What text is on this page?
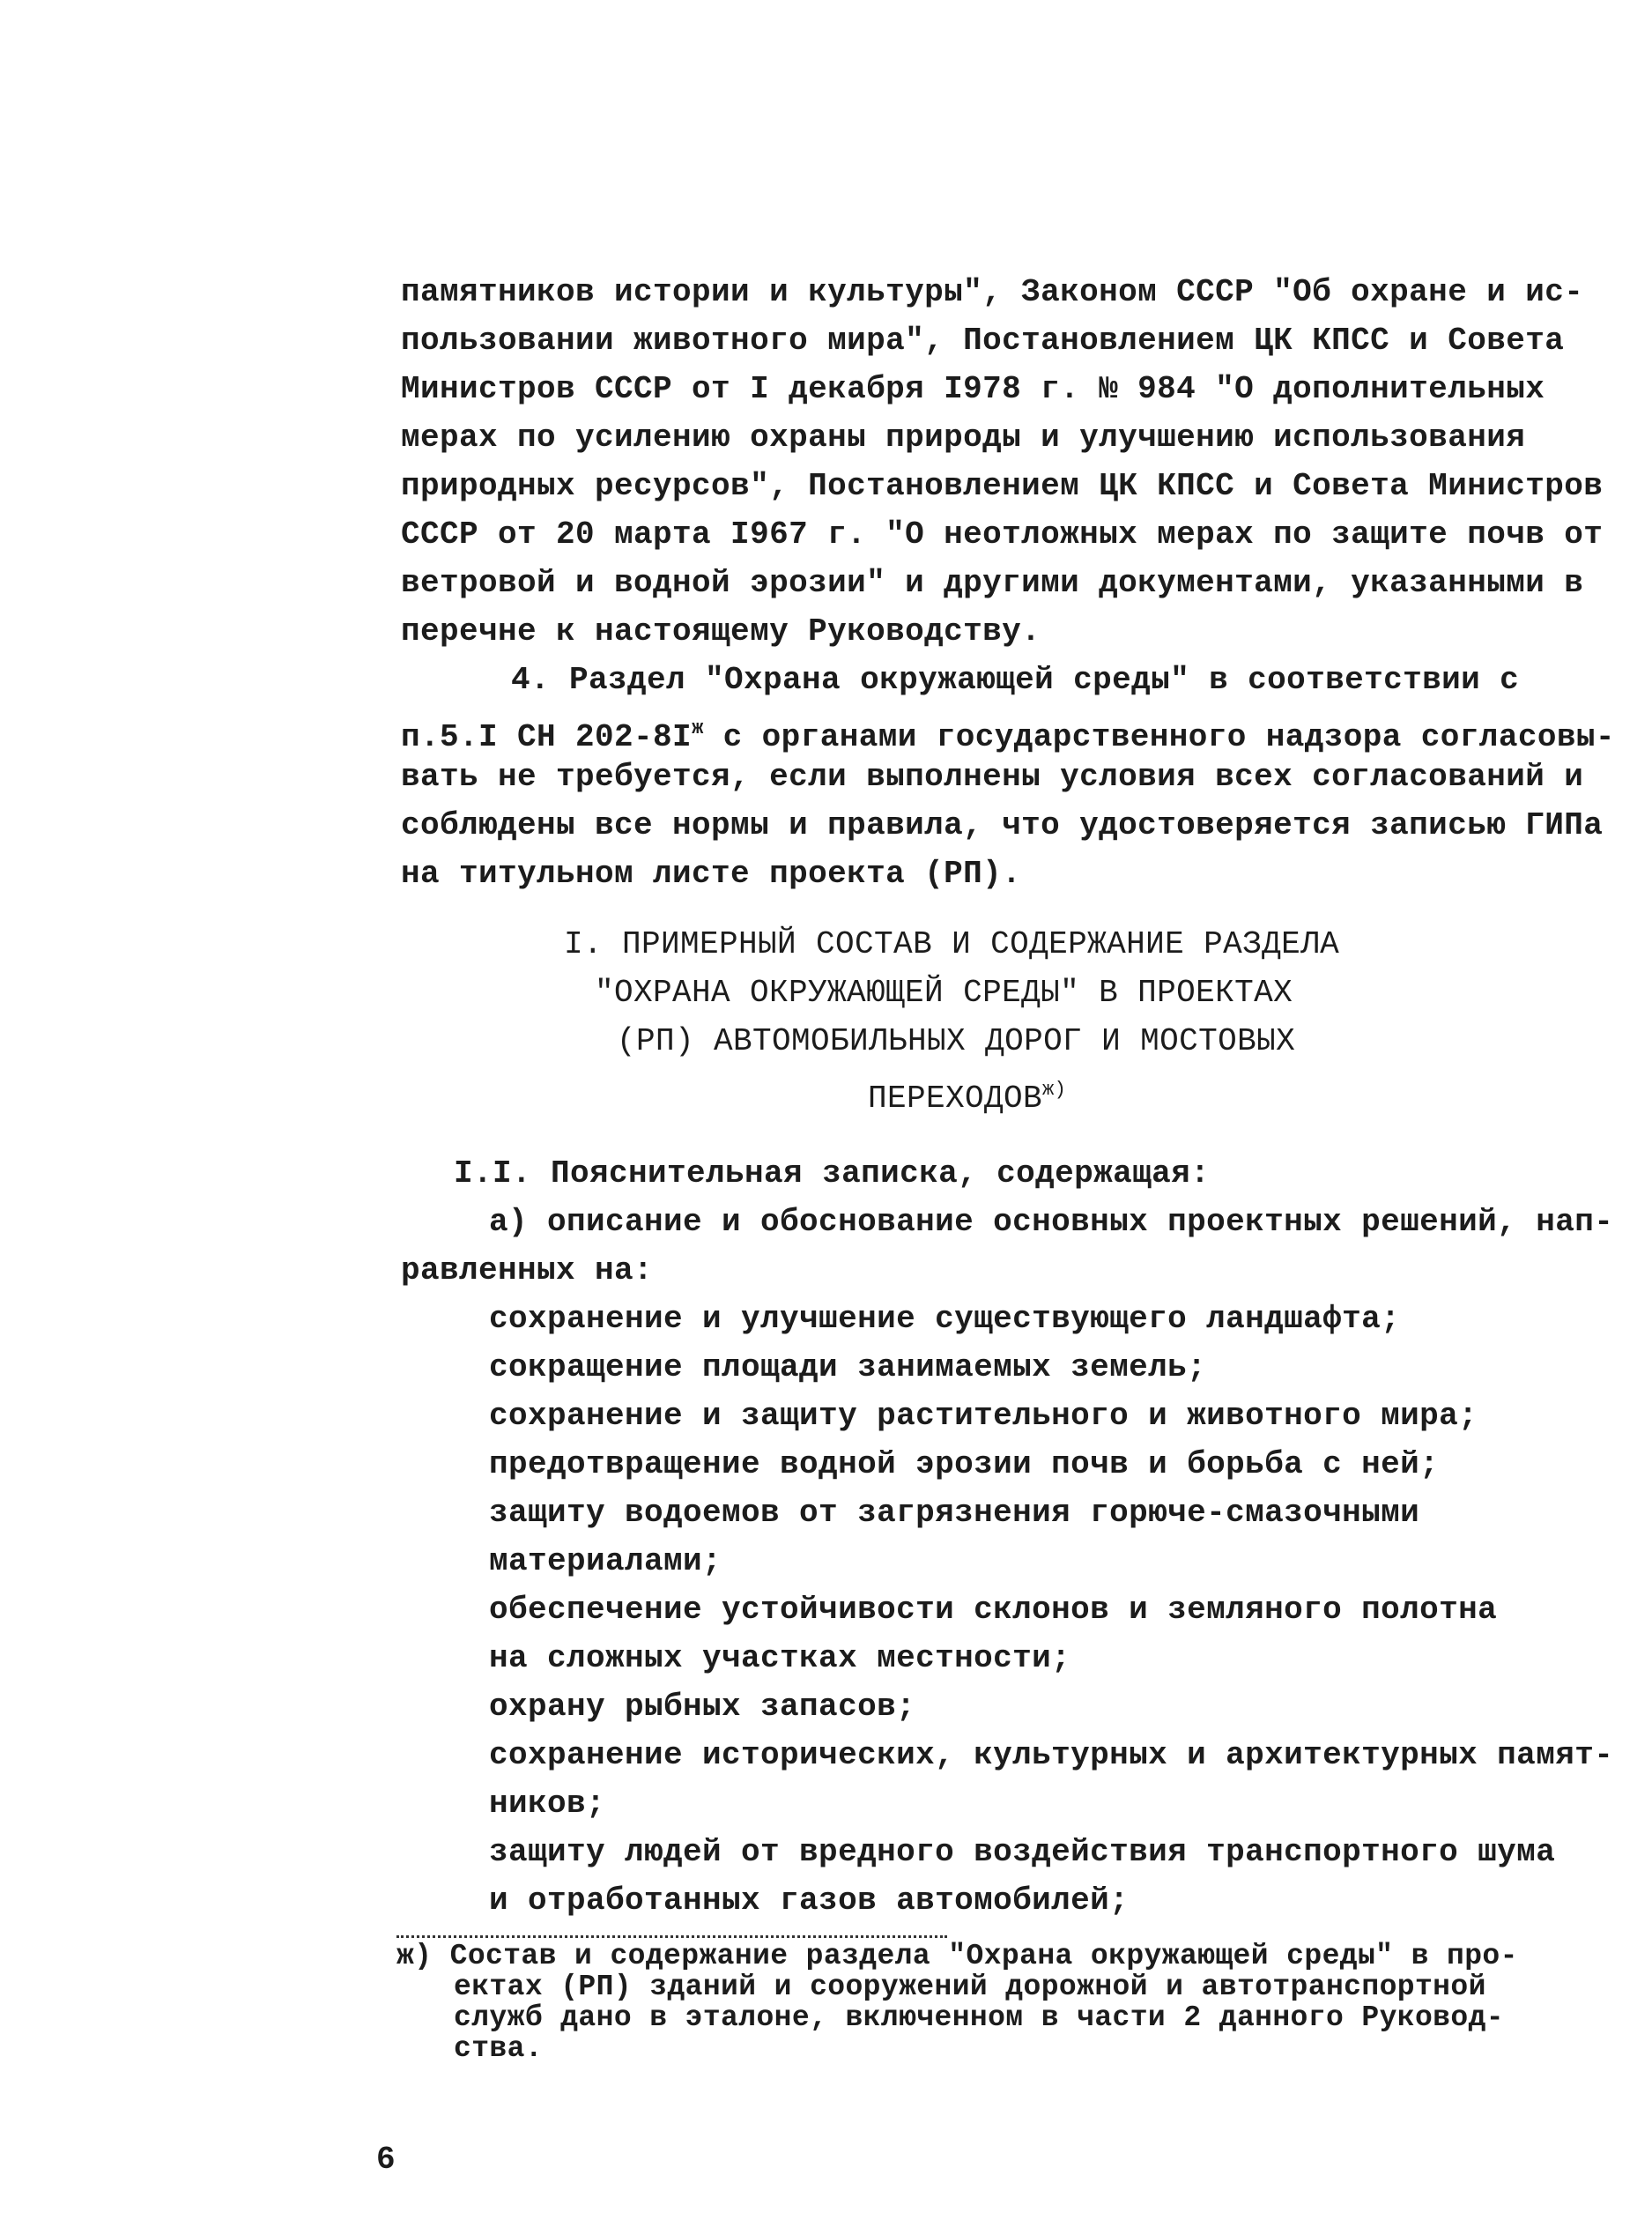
памятников истории и культуры", Законом СССР "Об охране и ис-
пользовании животного мира", Постановлением ЦК КПСС и Совета
Министров СССР от I декабря I978 г. № 984 "О дополнительных
мерах по усилению охраны природы и улучшению использования
природных ресурсов", Постановлением ЦК КПСС и Совета Министров
СССР от 20 марта I967 г. "О неотложных мерах по защите почв от
ветровой и водной эрозии" и другими документами, указанными в
перечне к настоящему Руководству.
4. Раздел "Охрана окружающей среды" в соответствии с
п.5.I СН $202-8I^ж$ с органами государственного надзора согласовы-
вать не требуется, если выполнены условия всех согласований и
соблюдены все нормы и правила, что удостоверяется записью ГИПа
на титульном листе проекта (РП).
I. ПРИМЕРНЫЙ СОСТАВ И СОДЕРЖАНИЕ РАЗДЕЛА
"ОХРАНА ОКРУЖАЮЩЕЙ СРЕДЫ" В ПРОЕКТАХ
(РП) АВТОМОБИЛЬНЫХ ДОРОГ И МОСТОВЫХ
$ПЕРЕХОДОВ^{ж)}$
I.I. Пояснительная записка, содержащая:
а) описание и обоснование основных проектных решений, нап-
равленных на:
сохранение и улучшение существующего ландшафта;
сокращение площади занимаемых земель;
сохранение и защиту растительного и животного мира;
предотвращение водной эрозии почв и борьба с ней;
защиту водоемов от загрязнения горюче-смазочными
материалами;
обеспечение устойчивости склонов и земляного полотна
на сложных участках местности;
охрану рыбных запасов;
сохранение исторических, культурных и архитектурных памят-
ников;
защиту людей от вредного воздействия транспортного шума
и отработанных газов автомобилей;
ж) Состав и содержание раздела "Охрана окружающей среды" в про-
ектах (РП) зданий и сооружений дорожной и автотранспортной
служб дано в эталоне, включенном в части 2 данного Руковод-
ства.
6
